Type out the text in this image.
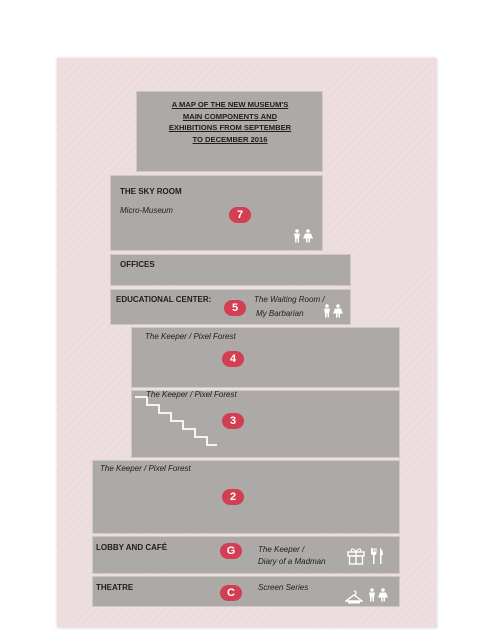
A MAP OF THE NEW MUSEUM'S
MAIN COMPONENTS AND
EXHIBITIONS FROM SEPTEMBER
TO DECEMBER 2016
THE SKY ROOM
Micro-Museum	7
OFFICES
EDUCATIONAL CENTER:	The Waiting Room /
My Barbarian
5
The Keeper / Pixel Forest
4
The Keeper / Pixel Forest
3
The Keeper / Pixel Forest
2
LOBBY AND CAFÉ	The Keeper /
Diary of a Madman
G
THEATRE	Screen Series
C
